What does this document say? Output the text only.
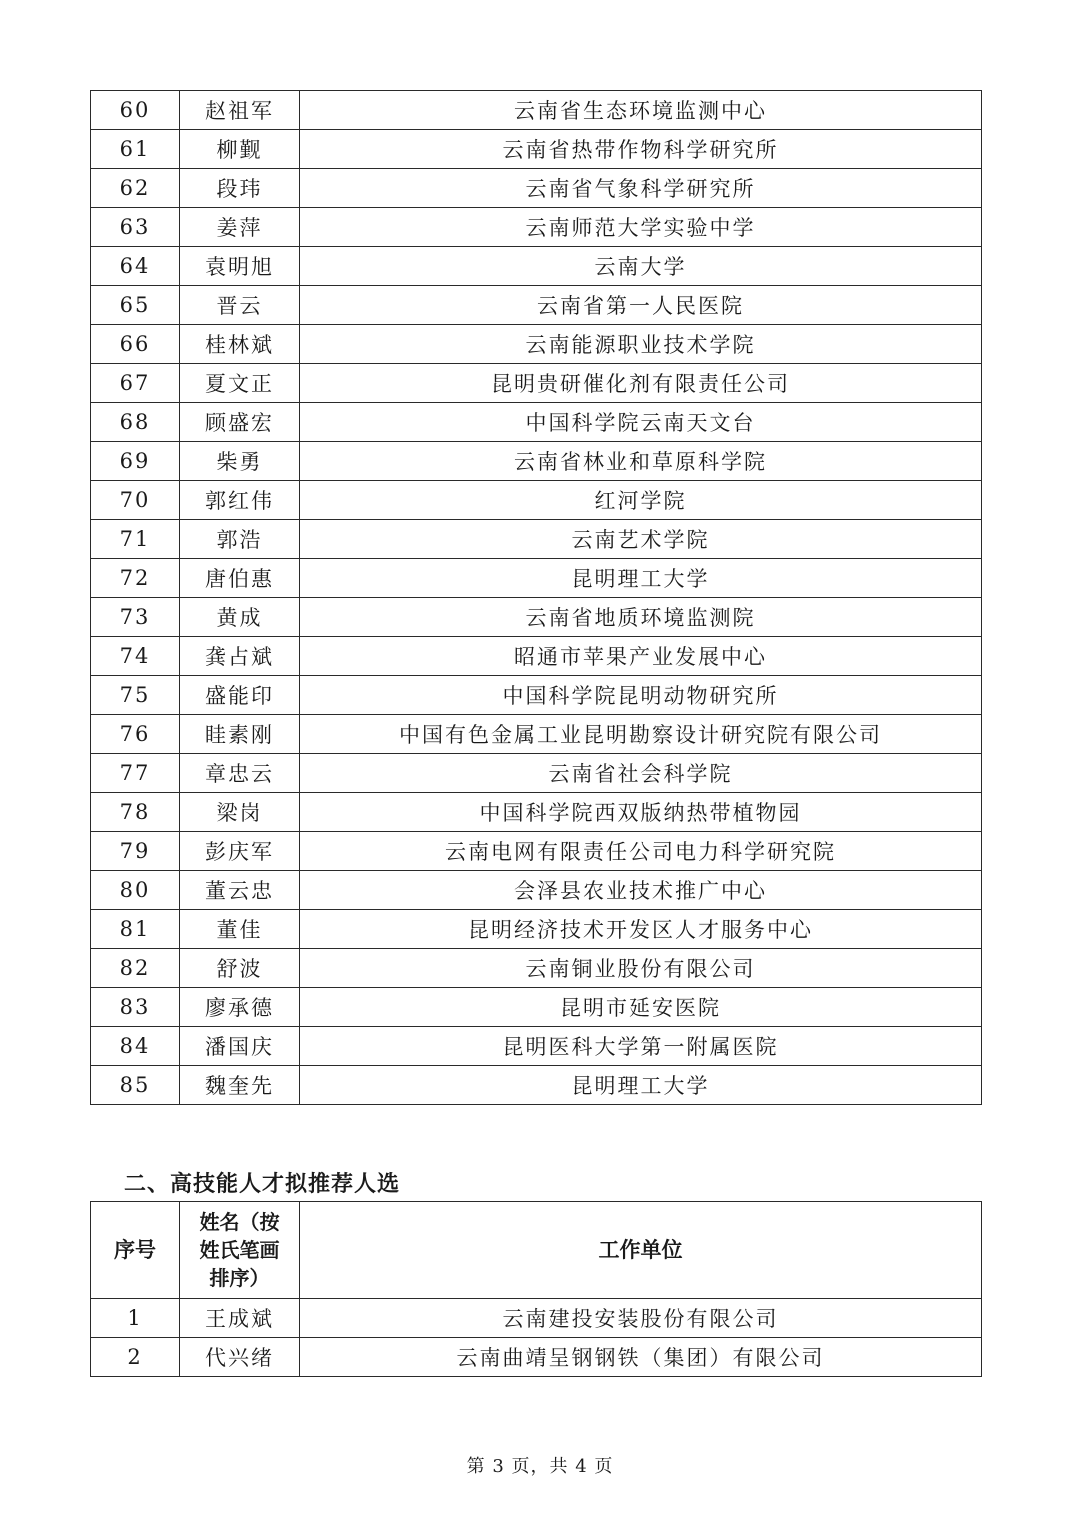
60	赵祖军	云南省生态环境监测中心
61	柳觐	云南省热带作物科学研究所
62	段玮	云南省气象科学研究所
63	姜萍	云南师范大学实验中学
64	袁明旭	云南大学
65	晋云	云南省第一人民医院
66	桂林斌	云南能源职业技术学院
67	夏文正	昆明贵研催化剂有限责任公司
68	顾盛宏	中国科学院云南天文台
69	柴勇	云南省林业和草原科学院
70	郭红伟	红河学院
71	郭浩	云南艺术学院
72	唐伯惠	昆明理工大学
73	黄成	云南省地质环境监测院
74	龚占斌	昭通市苹果产业发展中心
75	盛能印	中国科学院昆明动物研究所
76	眭素刚	中国有色金属工业昆明勘察设计研究院有限公司
77	章忠云	云南省社会科学院
78	梁岗	中国科学院西双版纳热带植物园
79	彭庆军	云南电网有限责任公司电力科学研究院
80	董云忠	会泽县农业技术推广中心
81	董佳	昆明经济技术开发区人才服务中心
82	舒波	云南铜业股份有限公司
83	廖承德	昆明市延安医院
84	潘国庆	昆明医科大学第一附属医院
85	魏奎先	昆明理工大学
二、高技能人才拟推荐人选
序号	姓名（按
姓氏笔画
排序）	工作单位
1	王成斌	云南建投安装股份有限公司
2	代兴绪	云南曲靖呈钢钢铁（集团）有限公司
第 3 页，共 4 页
